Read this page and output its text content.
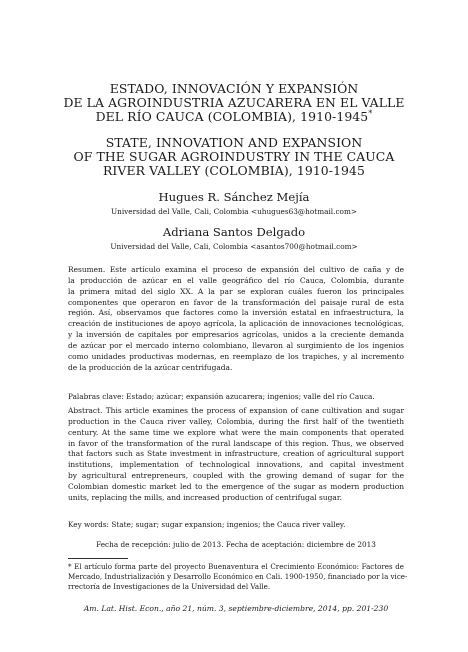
ESTADO, INNOVACIÓN Y EXPANSIÓN
DE LA AGROINDUSTRIA AZUCARERA EN EL VALLE
DEL RÍO CAUCA (COLOMBIA), 1910-1945*
STATE, INNOVATION AND EXPANSION
OF THE SUGAR AGROINDUSTRY IN THE CAUCA
RIVER VALLEY (COLOMBIA), 1910-1945
Hugues R. Sánchez Mejía
Universidad del Valle, Cali, Colombia <uhugues63@hotmail.com>
Adriana Santos Delgado
Universidad del Valle, Cali, Colombia <asantos700@hotmail.com>
Resumen. Este artículo examina el proceso de expansión del cultivo de caña y de
la producción de azúcar en el valle geográfico del río Cauca, Colombia, durante
la primera mitad del siglo XX. A la par se exploran cuáles fueron los principales
componentes que operaron en favor de la transformación del paisaje rural de esta
región. Así, observamos que factores como la inversión estatal en infraestructura, la
creación de instituciones de apoyo agrícola, la aplicación de innovaciones tecnológicas,
y la inversión de capitales por empresarios agrícolas, unidos a la creciente demanda
de azúcar por el mercado interno colombiano, llevaron al surgimiento de los ingenios
como unidades productivas modernas, en reemplazo de los trapiches, y al incremento
de la producción de la azúcar centrifugada.
Palabras clave: Estado; azúcar; expansión azucarera; ingenios; valle del río Cauca.
Abstract. This article examines the process of expansion of cane cultivation and sugar
production in the Cauca river valley, Colombia, during the first half of the twentieth
century. At the same time we explore what were the main components that operated
in favor of the transformation of the rural landscape of this region. Thus, we observed
that factors such as State investment in infrastructure, creation of agricultural support
institutions, implementation of technological innovations, and capital investment
by agricultural entrepreneurs, coupled with the growing demand of sugar for the
Colombian domestic market led to the emergence of the sugar as modern production
units, replacing the mills, and increased production of centrifugal sugar.
Key words: State; sugar; sugar expansion; ingenios; the Cauca river valley.
Fecha de recepción: julio de 2013. Fecha de aceptación: diciembre de 2013
* El artículo forma parte del proyecto Buenaventura el Crecimiento Económico: Factores de
Mercado, Industrialización y Desarrollo Económico en Cali. 1900-1950, financiado por la vice-
rrectoría de Investigaciones de la Universidad del Valle.
Am. Lat. Hist. Econ., año 21, núm. 3, septiembre-diciembre, 2014, pp. 201-230
